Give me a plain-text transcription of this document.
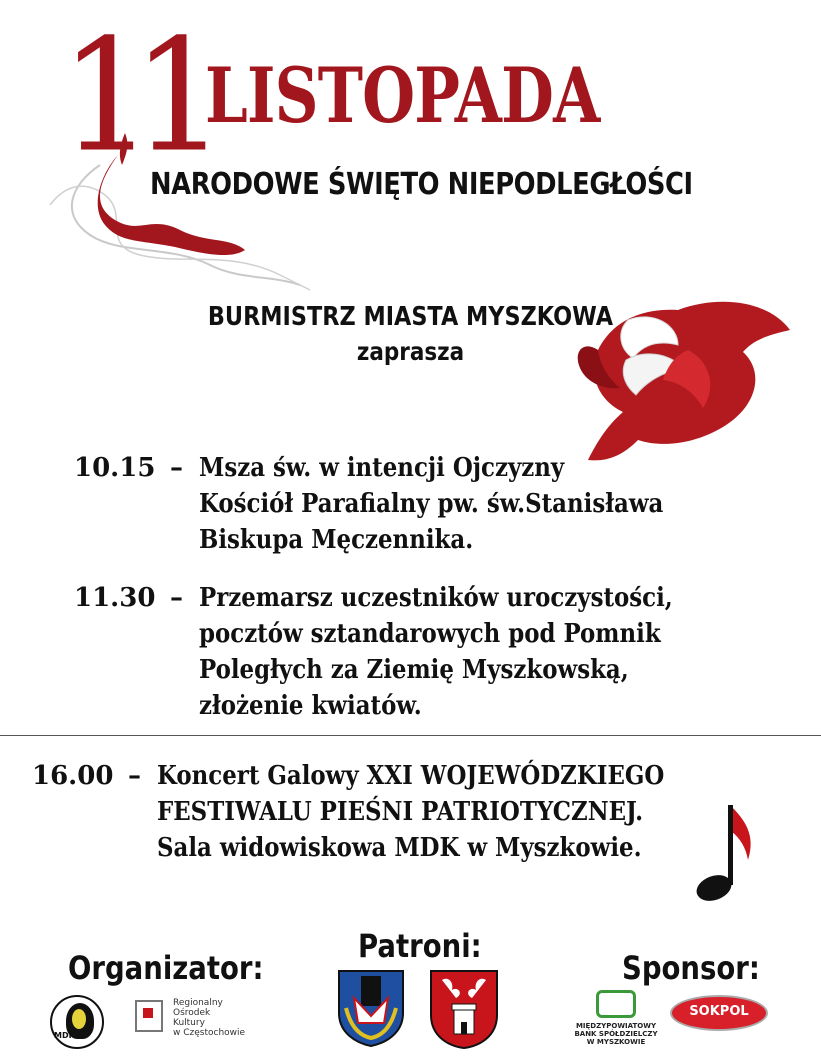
11 LISTOPADA
NARODOWE ŚWIĘTO NIEPODLEGŁOŚCI
BURMISTRZ MIASTA MYSZKOWA
zaprasza
10.15 – Msza św. w intencji Ojczyzny
Kościół Parafialny pw. św.Stanisława
Biskupa Męczennika.
11.30 – Przemarsz uczestników uroczystości,
pocztów sztandarowych pod Pomnik
Poległych za Ziemię Myszkowską,
złożenie kwiatów.
16.00 – Koncert Galowy XXI WOJEWÓDZKIEGO
FESTIWALU PIEŚNI PATRIOTYCZNEJ.
Sala widowiskowa MDK w Myszkowie.
Organizator:
Patroni:
Sponsor:
MDK
Regionalny
Ośrodek
Kultury
w Częstochowie
MIĘDZYPOWIATOWY
BANK SPÓŁDZIELCZY
W MYSZKOWIE
SOKPOL
